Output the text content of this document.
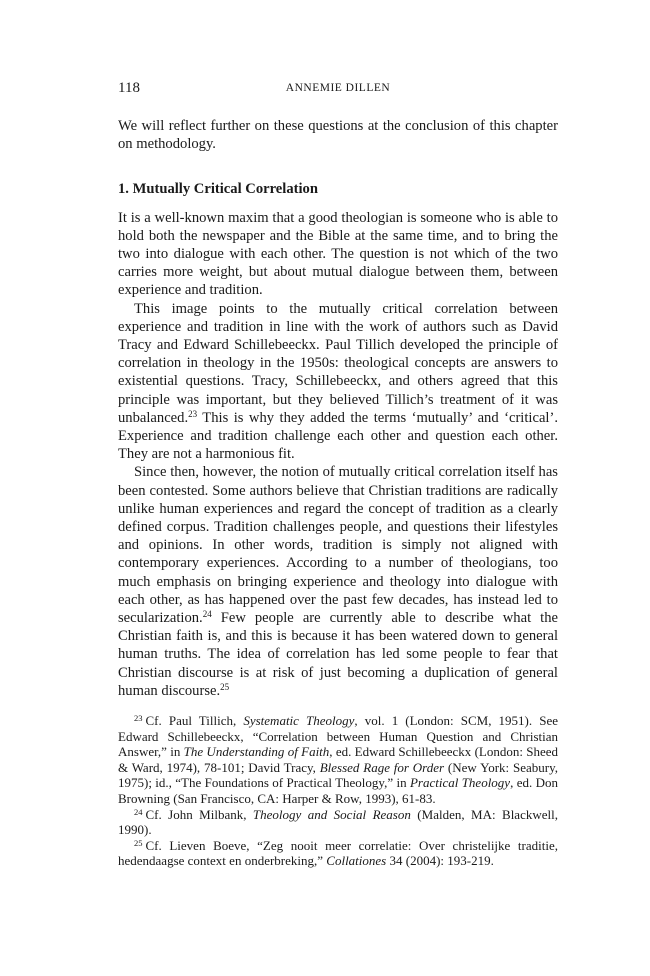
118	ANNEMIE DILLEN

We will reflect further on these questions at the conclusion of this chapter on methodology.

1. Mutually Critical Correlation

It is a well-known maxim that a good theologian is someone who is able to hold both the newspaper and the Bible at the same time, and to bring the two into dialogue with each other. The question is not which of the two carries more weight, but about mutual dialogue between them, between experience and tradition.

This image points to the mutually critical correlation between experience and tradition in line with the work of authors such as David Tracy and Edward Schillebeeckx. Paul Tillich developed the principle of correlation in theology in the 1950s: theological concepts are answers to existential questions. Tracy, Schillebeeckx, and others agreed that this principle was important, but they believed Tillich’s treatment of it was unbalanced.$^{23}$ This is why they added the terms ‘mutually’ and ‘critical’. Experience and tradition challenge each other and question each other. They are not a harmonious fit.

Since then, however, the notion of mutually critical correlation itself has been contested. Some authors believe that Christian traditions are radically unlike human experiences and regard the concept of tradition as a clearly defined corpus. Tradition challenges people, and questions their lifestyles and opinions. In other words, tradition is simply not aligned with contemporary experiences. According to a number of theologians, too much emphasis on bringing experience and theology into dialogue with each other, as has happened over the past few decades, has instead led to secularization.$^{24}$ Few people are currently able to describe what the Christian faith is, and this is because it has been watered down to general human truths. The idea of correlation has led some people to fear that Christian discourse is at risk of just becoming a duplication of general human discourse.$^{25}$

$^{23}$ Cf. Paul Tillich, Systematic Theology, vol. 1 (London: SCM, 1951). See Edward Schillebeeckx, “Correlation between Human Question and Christian Answer,” in The Understanding of Faith, ed. Edward Schillebeeckx (London: Sheed & Ward, 1974), 78-101; David Tracy, Blessed Rage for Order (New York: Seabury, 1975); id., “The Foundations of Practical Theology,” in Practical Theology, ed. Don Browning (San Francisco, CA: Harper & Row, 1993), 61-83.

$^{24}$ Cf. John Milbank, Theology and Social Reason (Malden, MA: Blackwell, 1990).

$^{25}$ Cf. Lieven Boeve, “Zeg nooit meer correlatie: Over christelijke traditie, hedendaagse context en onderbreking,” Collationes 34 (2004): 193-219.
